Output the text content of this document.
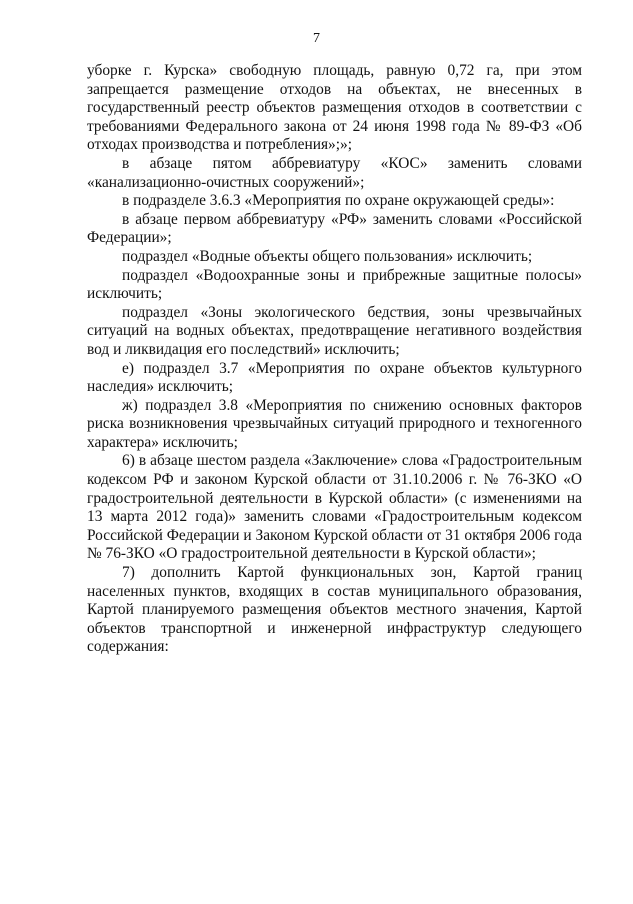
7

уборке г. Курска» свободную площадь, равную 0,72 га, при этом запрещается размещение отходов на объектах, не внесенных в государственный реестр объектов размещения отходов в соответствии с требованиями Федерального закона от 24 июня 1998 года № 89-ФЗ «Об отходах производства и потребления»;»;

в абзаце пятом аббревиатуру «КОС» заменить словами «канализационно-очистных сооружений»;

в подразделе 3.6.3 «Мероприятия по охране окружающей среды»:

в абзаце первом аббревиатуру «РФ» заменить словами «Российской Федерации»;

подраздел «Водные объекты общего пользования» исключить;

подраздел «Водоохранные зоны и прибрежные защитные полосы» исключить;

подраздел «Зоны экологического бедствия, зоны чрезвычайных ситуаций на водных объектах, предотвращение негативного воздействия вод и ликвидация его последствий» исключить;

е) подраздел 3.7 «Мероприятия по охране объектов культурного наследия» исключить;

ж) подраздел 3.8 «Мероприятия по снижению основных факторов риска возникновения чрезвычайных ситуаций природного и техногенного характера» исключить;

6) в абзаце шестом раздела «Заключение» слова «Градостроительным кодексом РФ и законом Курской области от 31.10.2006 г. № 76-ЗКО «О градостроительной деятельности в Курской области» (с изменениями на 13 марта 2012 года)» заменить словами «Градостроительным кодексом Российской Федерации и Законом Курской области от 31 октября 2006 года № 76-ЗКО «О градостроительной деятельности в Курской области»;

7) дополнить Картой функциональных зон, Картой границ населенных пунктов, входящих в состав муниципального образования, Картой планируемого размещения объектов местного значения, Картой объектов транспортной и инженерной инфраструктур следующего содержания:
